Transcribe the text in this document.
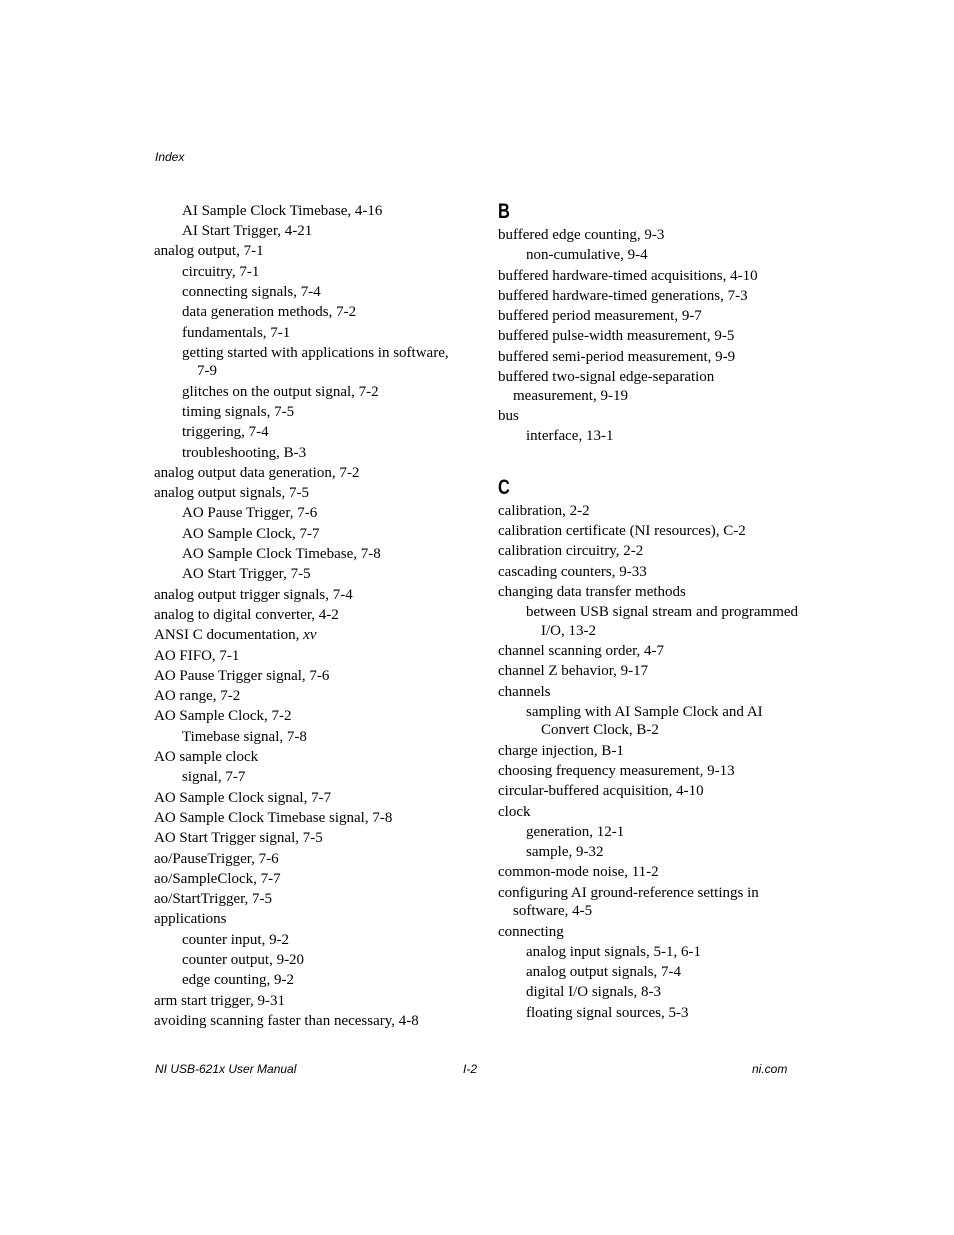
Index
AI Sample Clock Timebase, 4-16
AI Start Trigger, 4-21
analog output, 7-1
circuitry, 7-1
connecting signals, 7-4
data generation methods, 7-2
fundamentals, 7-1
getting started with applications in software, 7-9
glitches on the output signal, 7-2
timing signals, 7-5
triggering, 7-4
troubleshooting, B-3
analog output data generation, 7-2
analog output signals, 7-5
AO Pause Trigger, 7-6
AO Sample Clock, 7-7
AO Sample Clock Timebase, 7-8
AO Start Trigger, 7-5
analog output trigger signals, 7-4
analog to digital converter, 4-2
ANSI C documentation, xv
AO FIFO, 7-1
AO Pause Trigger signal, 7-6
AO range, 7-2
AO Sample Clock, 7-2
Timebase signal, 7-8
AO sample clock
signal, 7-7
AO Sample Clock signal, 7-7
AO Sample Clock Timebase signal, 7-8
AO Start Trigger signal, 7-5
ao/PauseTrigger, 7-6
ao/SampleClock, 7-7
ao/StartTrigger, 7-5
applications
counter input, 9-2
counter output, 9-20
edge counting, 9-2
arm start trigger, 9-31
avoiding scanning faster than necessary, 4-8
B
buffered edge counting, 9-3
non-cumulative, 9-4
buffered hardware-timed acquisitions, 4-10
buffered hardware-timed generations, 7-3
buffered period measurement, 9-7
buffered pulse-width measurement, 9-5
buffered semi-period measurement, 9-9
buffered two-signal edge-separation measurement, 9-19
bus
interface, 13-1
C
calibration, 2-2
calibration certificate (NI resources), C-2
calibration circuitry, 2-2
cascading counters, 9-33
changing data transfer methods
between USB signal stream and programmed I/O, 13-2
channel scanning order, 4-7
channel Z behavior, 9-17
channels
sampling with AI Sample Clock and AI Convert Clock, B-2
charge injection, B-1
choosing frequency measurement, 9-13
circular-buffered acquisition, 4-10
clock
generation, 12-1
sample, 9-32
common-mode noise, 11-2
configuring AI ground-reference settings in software, 4-5
connecting
analog input signals, 5-1, 6-1
analog output signals, 7-4
digital I/O signals, 8-3
floating signal sources, 5-3
NI USB-621x User Manual	I-2	ni.com
